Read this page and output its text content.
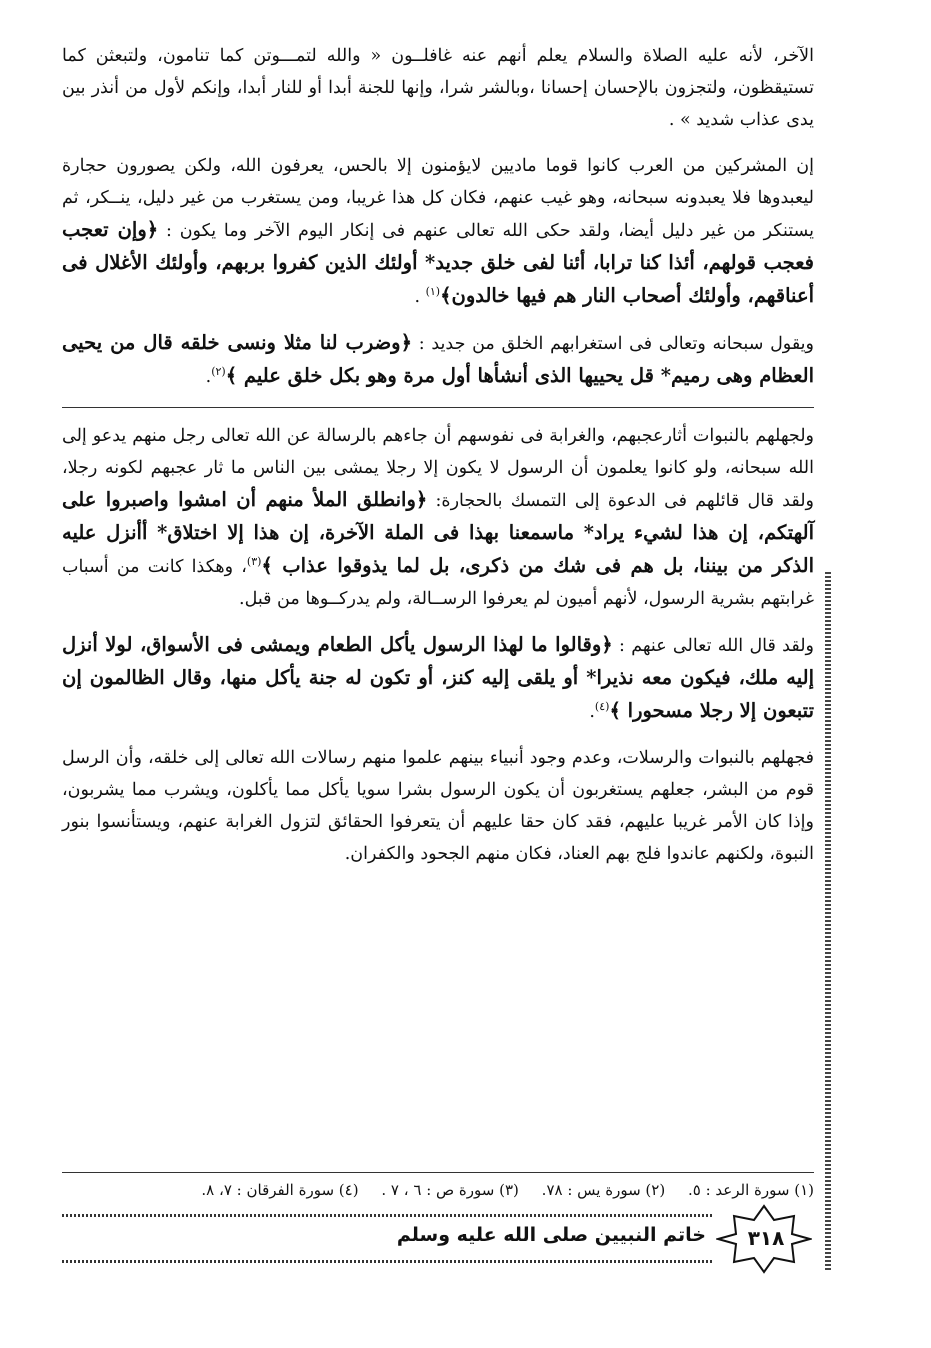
الآخر، لأنه عليه الصلاة والسلام يعلم أنهم عنه غافلــون « والله لتمـــوتن كما تنامون، ولتبعثن كما تستيقظون، ولتجزون بالإحسان إحسانا ،وبالشر شرا، وإنها للجنة أبدا أو للنار أبدا، وإنكم لأول من أنذر بين يدى عذاب شديد » .

إن المشركين من العرب كانوا قوما ماديين لايؤمنون إلا بالحس، يعرفون الله، ولكن يصورون حجارة ليعبدوها فلا يعبدونه سبحانه، وهو غيب عنهم، فكان كل هذا غريبا، ومن يستغرب من غير دليل، ينــكر، ثم يستنكر من غير دليل أيضا، ولقد حكى الله تعالى عنهم فى إنكار اليوم الآخر وما يكون : ﴿وإن تعجب فعجب قولهم، أئذا كنا ترابا، أئنا لفى خلق جديد* أولئك الذين كفروا بربهم، وأولئك الأغلال فى أعناقهم، وأولئك أصحاب النار هم فيها خالدون﴾$^{(١)}$ .

ويقول سبحانه وتعالى فى استغرابهم الخلق من جديد : ﴿وضرب لنا مثلا ونسى خلقه قال من يحيى العظام وهى رميم* قل يحييها الذى أنشأها أول مرة وهو بكل خلق عليم ﴾$^{(٢)}$.

ولجهلهم بالنبوات أثارعجبهم، والغرابة فى نفوسهم أن جاءهم بالرسالة عن الله تعالى رجل منهم يدعو إلى الله سبحانه، ولو كانوا يعلمون أن الرسول لا يكون إلا رجلا يمشى بين الناس ما ثار عجبهم لكونه رجلا، ولقد قال قائلهم فى الدعوة إلى التمسك بالحجارة: ﴿وانطلق الملأ منهم أن امشوا واصبروا على آلهتكم، إن هذا لشيء يراد* ماسمعنا بهذا فى الملة الآخرة، إن هذا إلا اختلاق* أأنزل عليه الذكر من بيننا، بل هم فى شك من ذكرى، بل لما يذوقوا عذاب ﴾$^{(٣)}$، وهكذا كانت من أسباب غرابتهم بشرية الرسول، لأنهم أميون لم يعرفوا الرســالة، ولم يدركــوها من قبل.

ولقد قال الله تعالى عنهم : ﴿وقالوا ما لهذا الرسول يأكل الطعام ويمشى فى الأسواق، لولا أنزل إليه ملك، فيكون معه نذيرا* أو يلقى إليه كنز، أو تكون له جنة يأكل منها، وقال الظالمون إن تتبعون إلا رجلا مسحورا ﴾$^{(٤)}$.

فجهلهم بالنبوات والرسلات، وعدم وجود أنبياء بينهم علموا منهم رسالات الله تعالى إلى خلقه، وأن الرسل قوم من البشر، جعلهم يستغربون أن يكون الرسول بشرا سويا يأكل مما يأكلون، ويشرب مما يشربون، وإذا كان الأمر غريبا عليهم، فقد كان حقا عليهم أن يتعرفوا الحقائق لتزول الغرابة عنهم، ويستأنسوا بنور النبوة، ولكنهم عاندوا فلج بهم العناد، فكان منهم الجحود والكفران.

(١) سورة الرعد : ٥. (٢) سورة يس : ٧٨. (٣) سورة ص : ٦ ، ٧ . (٤) سورة الفرقان : ٧، ٨.
خاتم النبيين صلى الله عليه وسلم	٣١٨
